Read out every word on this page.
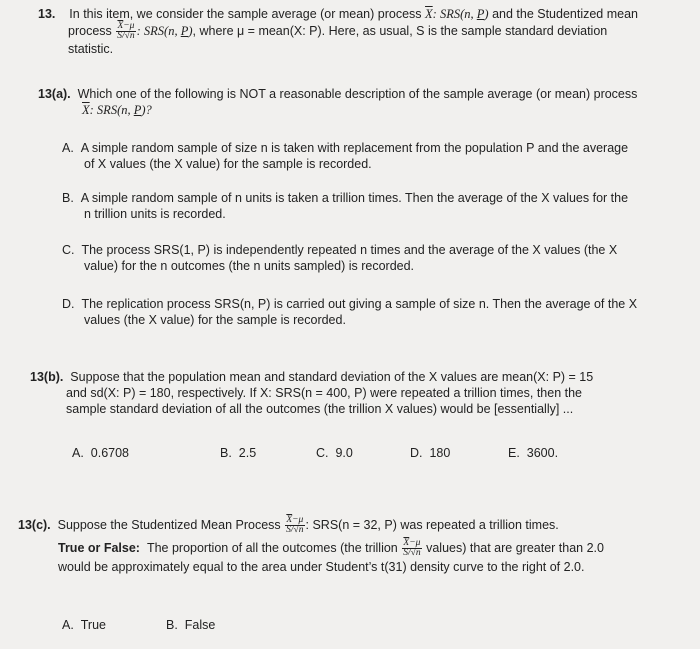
13. In this item, we consider the sample average (or mean) process $\overline{X}$: SRS(n, P) and the Studentized mean

process $\frac{\overline{X}-\mu}{S/√n}$ : SRS(n, P), where μ = mean(X: P). Here, as usual, S is the sample standard deviation

statistic.

13(a). Which one of the following is NOT a reasonable description of the sample average (or mean) process

$\overline{X}$: SRS(n, P)?

A. A simple random sample of size n is taken with replacement from the population P and the average

of X values (the X value) for the sample is recorded.

B. A simple random sample of n units is taken a trillion times. Then the average of the X values for the

n trillion units is recorded.

C. The process SRS(1, P) is independently repeated n times and the average of the X values (the X

value) for the n outcomes (the n units sampled) is recorded.

D. The replication process SRS(n, P) is carried out giving a sample of size n. Then the average of the X

values (the X value) for the sample is recorded.

13(b). Suppose that the population mean and standard deviation of the X values are mean(X: P) = 15

and sd(X: P) = 180, respectively. If X: SRS(n = 400, P) were repeated a trillion times, then the

sample standard deviation of all the outcomes (the trillion X values) would be [essentially] ...

A. 0.6708	B. 2.5	C. 9.0	D. 180	E. 3600.

13(c). Suppose the Studentized Mean Process $\frac{\overline{X}-\mu}{S/√n}$ : SRS(n = 32, P) was repeated a trillion times.

True or False: The proportion of all the outcomes (the trillion $\frac{\overline{X}-\mu}{S/√n}$ values) that are greater than 2.0

would be approximately equal to the area under Student’s t(31) density curve to the right of 2.0.

A. True	B. False
